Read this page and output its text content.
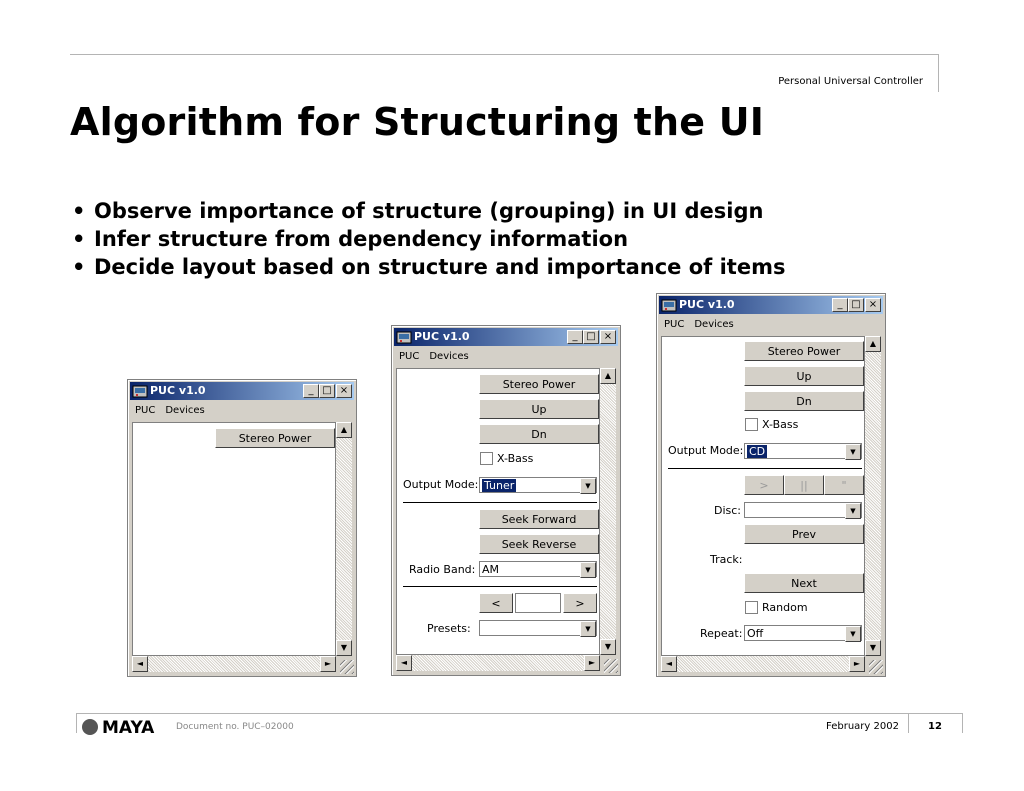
Personal Universal Controller
Algorithm for Structuring the UI
• Observe importance of structure (grouping) in UI design
• Infer structure from dependency information
• Decide layout based on structure and importance of items
PUC v1.0	_ □ ×
PUC Devices
Stereo Power
▲
▼
◄	►
PUC v1.0	_ □ ×
PUC Devices
Stereo Power
Up
Dn
X-Bass
Output Mode: Tuner	▼
Seek Forward
Seek Reverse
Radio Band: AM	▼
<	>
Presets:	▼
▲
▼
◄	►
PUC v1.0	_ □ ×
PUC Devices
Stereo Power
Up
Dn
X-Bass
Output Mode: CD	▼
>	||	"
Disc:	▼
Prev
Track:
Next
Random
Repeat: Off	▼
▲
▼
◄	►
MAYA Document no. PUC–02000	February 2002	12
